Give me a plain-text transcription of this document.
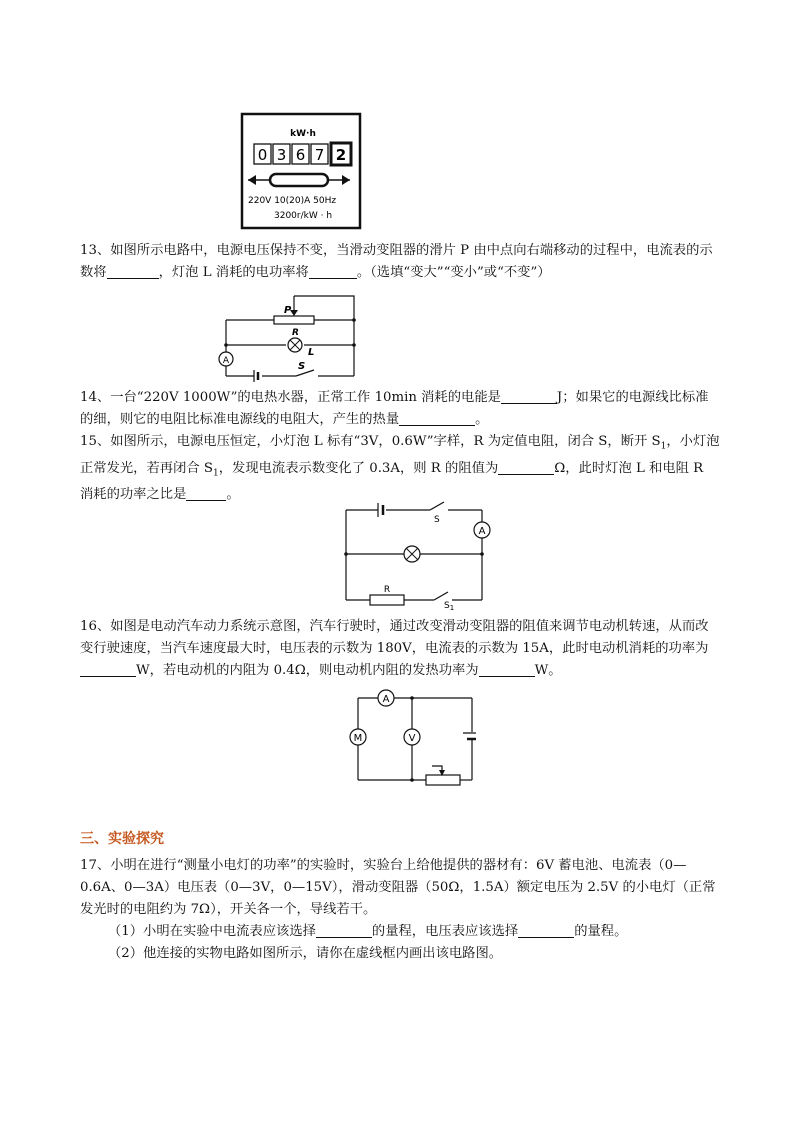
kW·h
0 3 6 7 2
220V 10(20)A 50Hz
3200r/kW · h

13、如图所示电路中，电源电压保持不变，当滑动变阻器的滑片 P 由中点向右端移动的过程中，电流表的示数将	，灯泡 L 消耗的电功率将	。（选填“变大”“变小”或“不变”）

A
P
R
L
S

14、一台“220V 1000W”的电热水器，正常工作 10min 消耗的电能是	J；如果它的电源线比标准的细，则它的电阻比标准电源线的电阻大，产生的热量	。

15、如图所示，电源电压恒定，小灯泡 L 标有“3V，0.6W”字样，R 为定值电阻，闭合 S，断开 $S_1$，小灯泡正常发光，若再闭合 $S_1$，发现电流表示数变化了 0.3A，则 R 的阻值为	Ω，此时灯泡 L 和电阻 R 消耗的功率之比是	。

A
S
R
$S_1$

16、如图是电动汽车动力系统示意图，汽车行驶时，通过改变滑动变阻器的阻值来调节电动机转速，从而改变行驶速度，当汽车速度最大时，电压表的示数为 180V，电流表的示数为 15A，此时电动机消耗的功率为W，若电动机的内阻为 0.4Ω，则电动机内阻的发热功率为	W。

A
M	V
三、实验探究

17、小明在进行“测量小电灯的功率”的实验时，实验台上给他提供的器材有：6V 蓄电池、电流表（0—0.6A、0—3A）电压表（0—3V，0—15V），滑动变阻器（50Ω，1.5A）额定电压为 2.5V 的小电灯（正常发光时的电阻约为 7Ω），开关各一个，导线若干。

（1）小明在实验中电流表应该选择	的量程，电压表应该选择	的量程。

（2）他连接的实物电路如图所示，请你在虚线框内画出该电路图。
